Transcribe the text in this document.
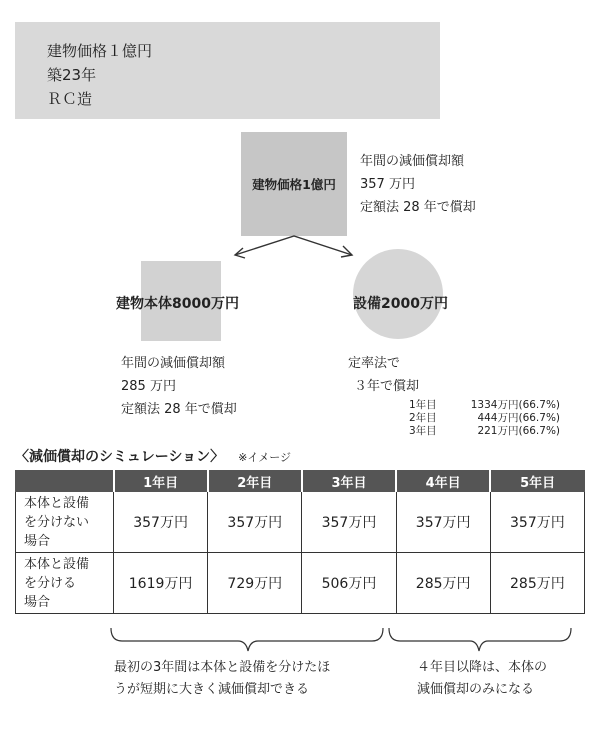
建物価格１億円
築23年
ＲＣ造
建物価格1億円
年間の減価償却額
357 万円
定額法 28 年で償却
建物本体8000万円
年間の減価償却額
285 万円
定額法 28 年で償却
設備2000万円
定率法で
３年で償却
1年目	1334万円(66.7%)
2年目	444万円(66.7%)
3年目	221万円(66.7%)
〈減価償却のシミュレーション〉 ※イメージ
	1年目	2年目	3年目	4年目	5年目

本体と設備
を分けない
場合	357万円	357万円	357万円	357万円	357万円

本体と設備
を分ける
場合	1619万円	729万円	506万円	285万円	285万円
最初の3年間は本体と設備を分けたほ
うが短期に大きく減価償却できる
４年目以降は、本体の
減価償却のみになる
